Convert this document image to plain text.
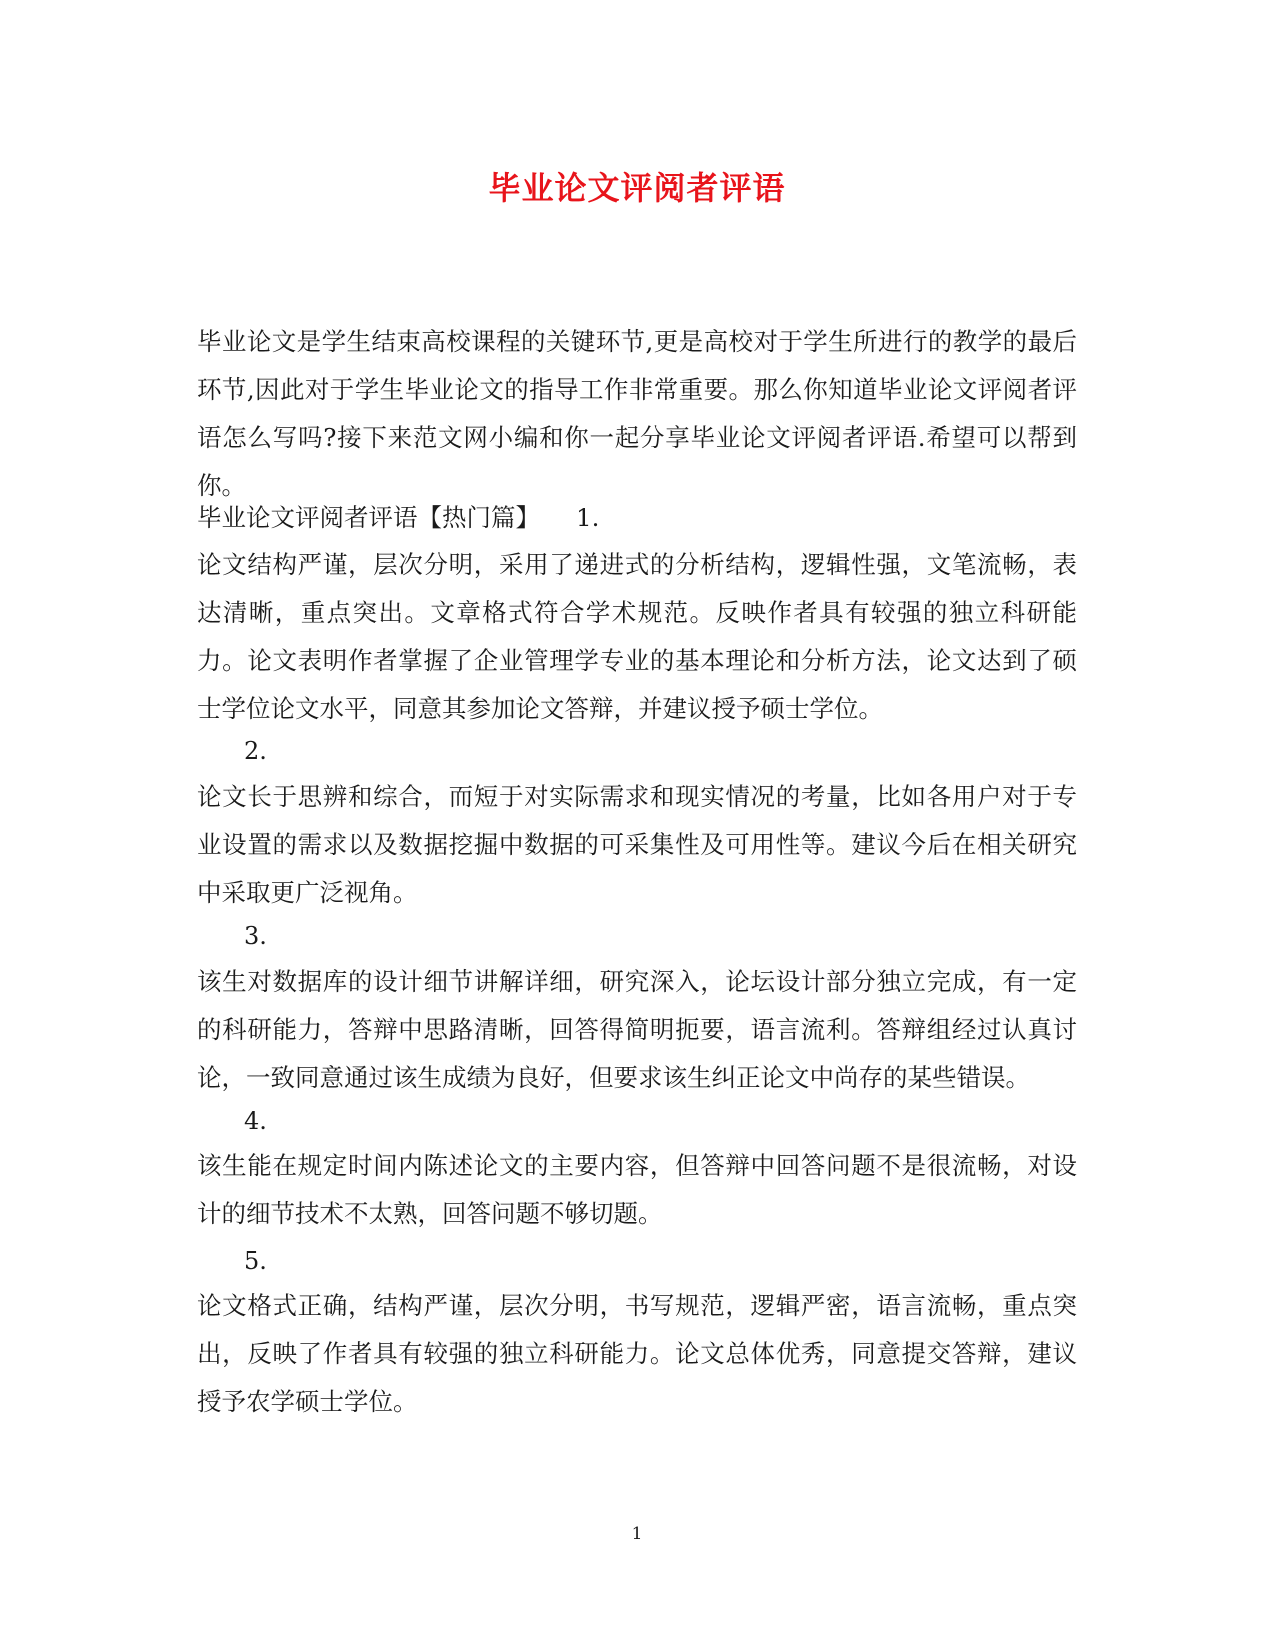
毕业论文评阅者评语

毕业论文是学生结束高校课程的关键环节,更是高校对于学生所进行的教学的最后环节,因此对于学生毕业论文的指导工作非常重要。那么你知道毕业论文评阅者评语怎么写吗?接下来范文网小编和你一起分享毕业论文评阅者评语.希望可以帮到你。

毕业论文评阅者评语【热门篇】 1.

论文结构严谨，层次分明，采用了递进式的分析结构，逻辑性强，文笔流畅，表达清晰，重点突出。文章格式符合学术规范。反映作者具有较强的独立科研能力。论文表明作者掌握了企业管理学专业的基本理论和分析方法，论文达到了硕士学位论文水平，同意其参加论文答辩，并建议授予硕士学位。

2.

论文长于思辨和综合，而短于对实际需求和现实情况的考量，比如各用户对于专业设置的需求以及数据挖掘中数据的可采集性及可用性等。建议今后在相关研究中采取更广泛视角。

3.

该生对数据库的设计细节讲解详细，研究深入，论坛设计部分独立完成，有一定的科研能力，答辩中思路清晰，回答得简明扼要，语言流利。答辩组经过认真讨论，一致同意通过该生成绩为良好，但要求该生纠正论文中尚存的某些错误。

4.

该生能在规定时间内陈述论文的主要内容，但答辩中回答问题不是很流畅，对设计的细节技术不太熟，回答问题不够切题。

5.

论文格式正确，结构严谨，层次分明，书写规范，逻辑严密，语言流畅，重点突出，反映了作者具有较强的独立科研能力。论文总体优秀，同意提交答辩，建议授予农学硕士学位。

1
